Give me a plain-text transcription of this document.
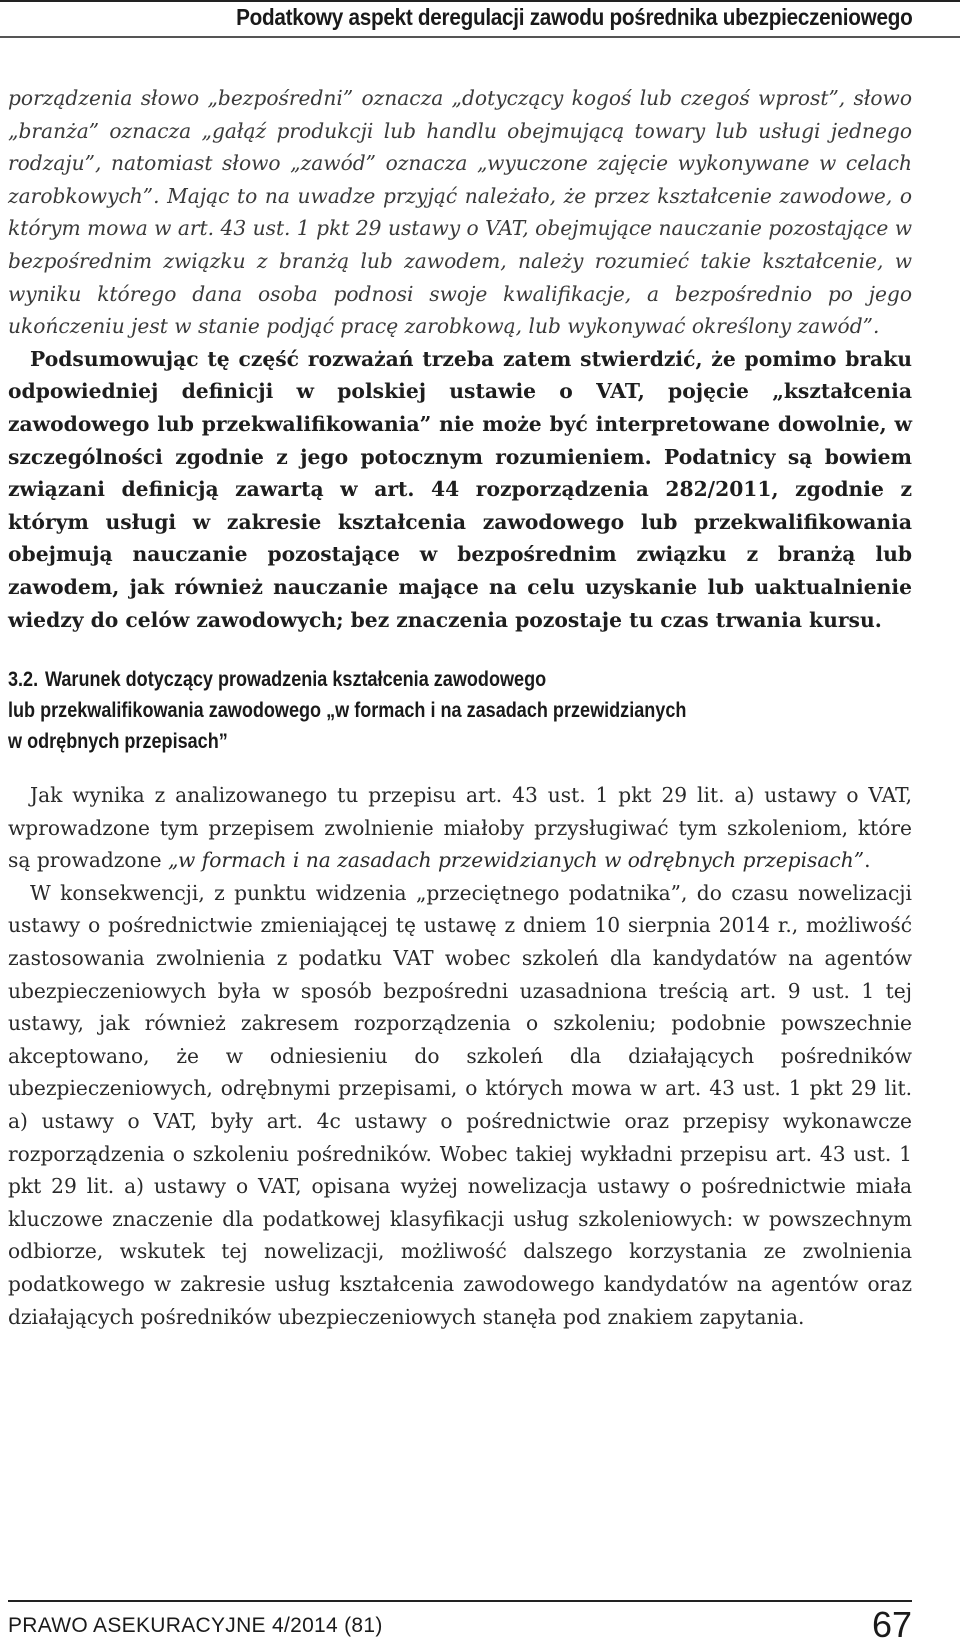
Podatkowy aspekt deregulacji zawodu pośrednika ubezpieczeniowego

porządzenia słowo „bezpośredni” oznacza „dotyczący kogoś lub czegoś wprost”, słowo „branża” oznacza „gałąź produkcji lub handlu obejmującą towary lub usługi jednego rodzaju”, natomiast słowo „zawód” oznacza „wyuczone zajęcie wykonywane w celach zarobkowych”. Mając to na uwadze przyjąć należało, że przez kształcenie zawodowe, o którym mowa w art. 43 ust. 1 pkt 29 ustawy o VAT, obejmujące nauczanie pozostające w bezpośrednim związku z branżą lub zawodem, należy rozumieć takie kształcenie, w wyniku którego dana osoba podnosi swoje kwalifikacje, a bezpośrednio po jego ukończeniu jest w stanie podjąć pracę zarobkową, lub wykonywać określony zawód”.

Podsumowując tę część rozważań trzeba zatem stwierdzić, że pomimo braku odpowiedniej definicji w polskiej ustawie o VAT, pojęcie „kształcenia zawodowego lub przekwalifikowania” nie może być interpretowane dowolnie, w szczególności zgodnie z jego potocznym rozumieniem. Podatnicy są bowiem związani definicją zawartą w art. 44 rozporządzenia 282/2011, zgodnie z którym usługi w zakresie kształcenia zawodowego lub przekwalifikowania obejmują nauczanie pozostające w bezpośrednim związku z branżą lub zawodem, jak również nauczanie mające na celu uzyskanie lub uaktualnienie wiedzy do celów zawodowych; bez znaczenia pozostaje tu czas trwania kursu.

3.2. Warunek dotyczący prowadzenia kształcenia zawodowego
lub przekwalifikowania zawodowego „w formach i na zasadach przewidzianych
w odrębnych przepisach”

Jak wynika z analizowanego tu przepisu art. 43 ust. 1 pkt 29 lit. a) ustawy o VAT, wprowadzone tym przepisem zwolnienie miałoby przysługiwać tym szkoleniom, które są prowadzone „w formach i na zasadach przewidzianych w odrębnych przepisach”.

W konsekwencji, z punktu widzenia „przeciętnego podatnika”, do czasu nowelizacji ustawy o pośrednictwie zmieniającej tę ustawę z dniem 10 sierpnia 2014 r., możliwość zastosowania zwolnienia z podatku VAT wobec szkoleń dla kandydatów na agentów ubezpieczeniowych była w sposób bezpośredni uzasadniona treścią art. 9 ust. 1 tej ustawy, jak również zakresem rozporządzenia o szkoleniu; podobnie powszechnie akceptowano, że w odniesieniu do szkoleń dla działających pośredników ubezpieczeniowych, odrębnymi przepisami, o których mowa w art. 43 ust. 1 pkt 29 lit. a) ustawy o VAT, były art. 4c ustawy o pośrednictwie oraz przepisy wykonawcze rozporządzenia o szkoleniu pośredników. Wobec takiej wykładni przepisu art. 43 ust. 1 pkt 29 lit. a) ustawy o VAT, opisana wyżej nowelizacja ustawy o pośrednictwie miała kluczowe znaczenie dla podatkowej klasyfikacji usług szkoleniowych: w powszechnym odbiorze, wskutek tej nowelizacji, możliwość dalszego korzystania ze zwolnienia podatkowego w zakresie usług kształcenia zawodowego kandydatów na agentów oraz działających pośredników ubezpieczeniowych stanęła pod znakiem zapytania.

PRAWO ASEKURACYJNE 4/2014 (81)	67
